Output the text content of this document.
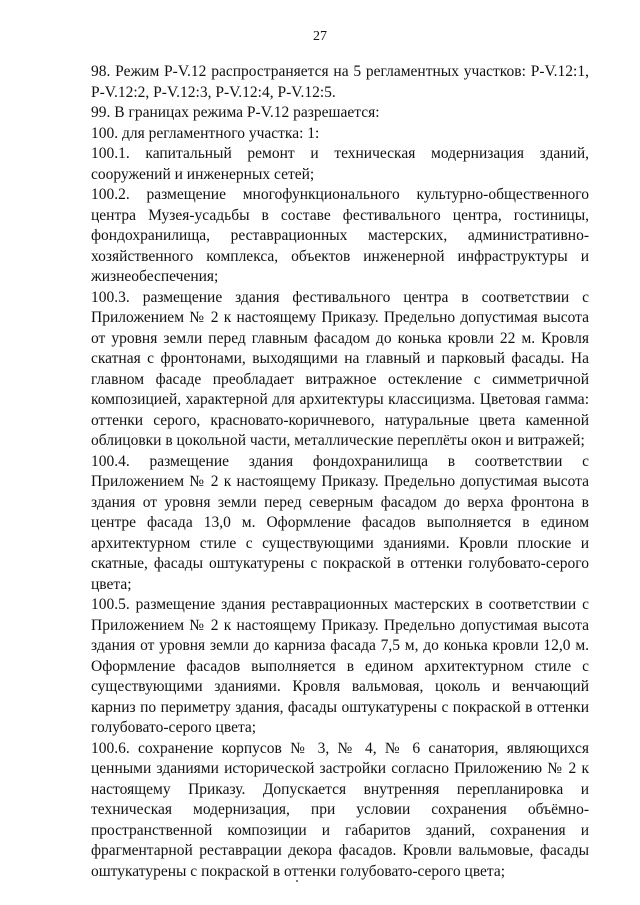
27

98. Режим Р-V.12 распространяется на 5 регламентных участков: Р-V.12:1, Р-V.12:2, Р-V.12:3, Р-V.12:4, Р-V.12:5.

99. В границах режима Р-V.12 разрешается:

100. для регламентного участка: 1:

100.1. капитальный ремонт и техническая модернизация зданий, сооружений и инженерных сетей;

100.2. размещение многофункционального культурно-общественного центра Музея-усадьбы в составе фестивального центра, гостиницы, фондохранилища, реставрационных мастерских, административно-хозяйственного комплекса, объектов инженерной инфраструктуры и жизнеобеспечения;

100.3. размещение здания фестивального центра в соответствии с Приложением № 2 к настоящему Приказу. Предельно допустимая высота от уровня земли перед главным фасадом до конька кровли 22 м. Кровля скатная с фронтонами, выходящими на главный и парковый фасады. На главном фасаде преобладает витражное остекление с симметричной композицией, характерной для архитектуры классицизма. Цветовая гамма: оттенки серого, красновато-коричневого, натуральные цвета каменной облицовки в цокольной части, металлические переплёты окон и витражей;

100.4. размещение здания фондохранилища в соответствии с Приложением № 2 к настоящему Приказу. Предельно допустимая высота здания от уровня земли перед северным фасадом до верха фронтона в центре фасада 13,0 м. Оформление фасадов выполняется в едином архитектурном стиле с существующими зданиями. Кровли плоские и скатные, фасады оштукатурены с покраской в оттенки голубовато-серого цвета;

100.5. размещение здания реставрационных мастерских в соответствии с Приложением № 2 к настоящему Приказу. Предельно допустимая высота здания от уровня земли до карниза фасада 7,5 м, до конька кровли 12,0 м. Оформление фасадов выполняется в едином архитектурном стиле с существующими зданиями. Кровля вальмовая, цоколь и венчающий карниз по периметру здания, фасады оштукатурены с покраской в оттенки голубовато-серого цвета;

100.6. сохранение корпусов № 3, № 4, № 6 санатория, являющихся ценными зданиями исторической застройки согласно Приложению № 2 к настоящему Приказу. Допускается внутренняя перепланировка и техническая модернизация, при условии сохранения объёмно-пространственной композиции и габаритов зданий, сохранения и фрагментарной реставрации декора фасадов. Кровли вальмовые, фасады оштукатурены с покраской в оттенки голубовато-серого цвета;
